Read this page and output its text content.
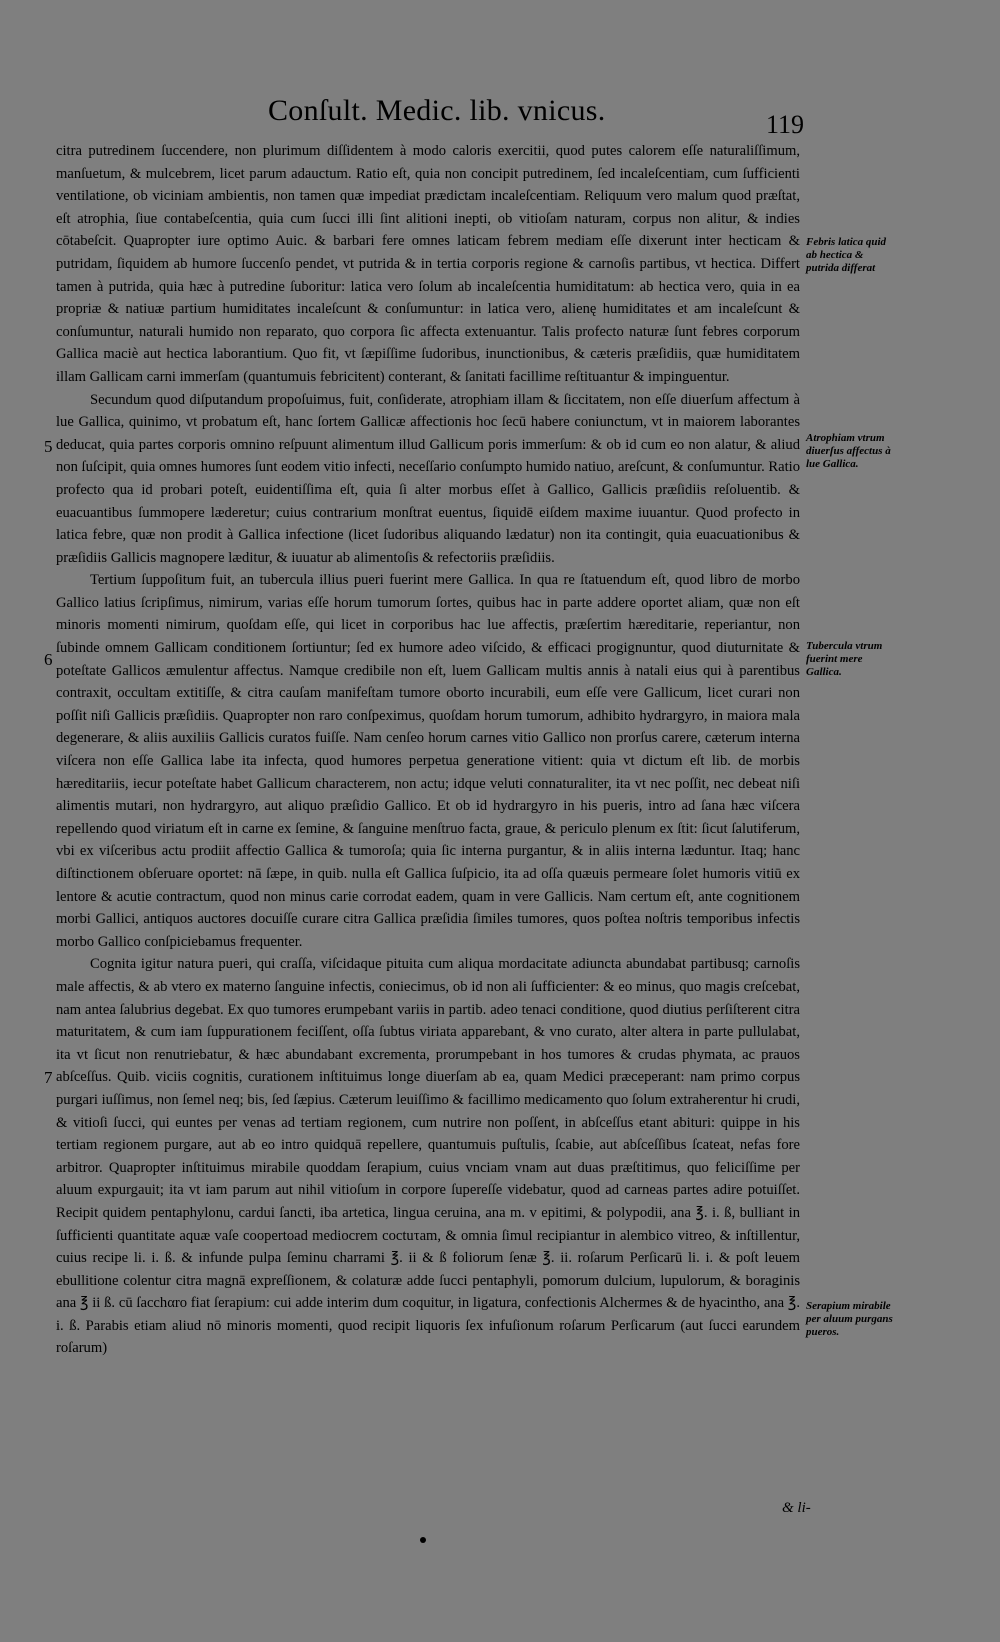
Conſult. Medic. lib. vnicus.	119

citra putredinem ſuccendere, non plurimum diſſidentem à modo caloris exercitii, quod putes calorem eſſe naturaliſſimum, manſuetum, & mulcebrem, licet parum adauctum. Ratio eſt, quia non concipit putredinem, ſed incaleſcentiam, cum ſufficienti ventilatione, ob viciniam ambientis, non tamen quæ impediat prædictam incaleſcentiam. Reliquum vero malum quod præſtat, eſt atrophia, ſiue contabeſcentia, quia cum ſucci illi ſint alitioni inepti, ob vitioſam naturam, corpus non alitur, & indies cōtabeſcit. Quapropter iure optimo Auic. & barbari fere omnes laticam febrem mediam eſſe dixerunt inter hecticam & putridam, ſiquidem ab humore ſuccenſo pendet, vt putrida & in tertia corporis regione & carnoſis partibus, vt hectica. Differt tamen à putrida, quia hæc à putredine ſuboritur: latica vero ſolum ab incaleſcentia humiditatum: ab hectica vero, quia in ea propriæ & natiuæ partium humiditates incaleſcunt & conſumuntur: in latica vero, alienę humiditates et am incaleſcunt & conſumuntur, naturali humido non reparato, quo corpora ſic affecta extenuantur. Talis profecto naturæ ſunt febres corporum Gallica maciè aut hectica laborantium. Quo fit, vt ſæpiſſime ſudoribus, inunctionibus, & cæteris præſidiis, quæ humiditatem illam Gallicam carni immerſam (quantumuis febricitent) conterant, & ſanitati facillime reſtituantur & impinguentur.

Secundum quod diſputandum propoſuimus, fuit, conſiderate, atrophiam illam & ſiccitatem, non eſſe diuerſum affectum à lue Gallica, quinimo, vt probatum eſt, hanc ſortem Gallicæ affectionis hoc ſecū habere coniunctum, vt in maiorem laborantes deducat, quia partes corporis omnino reſpuunt alimentum illud Gallicum poris immerſum: & ob id cum eo non alatur, & aliud non ſuſcipit, quia omnes humores ſunt eodem vitio infecti, neceſſario conſumpto humido natiuo, areſcunt, & conſumuntur. Ratio profecto qua id probari poteſt, euidentiſſima eſt, quia ſi alter morbus eſſet à Gallico, Gallicis præſidiis reſoluentib. & euacuantibus ſummopere læderetur; cuius contrarium monſtrat euentus, ſiquidē eiſdem maxime iuuantur. Quod profecto in latica febre, quæ non prodit à Gallica infectione (licet ſudoribus aliquando lædatur) non ita contingit, quia euacuationibus & præſidiis Gallicis magnopere læditur, & iuuatur ab alimentoſis & refectoriis præſidiis.

Tertium ſuppoſitum fuit, an tubercula illius pueri fuerint mere Gallica. In qua re ſtatuendum eſt, quod libro de morbo Gallico latius ſcripſimus, nimirum, varias eſſe horum tumorum ſortes, quibus hac in parte addere oportet aliam, quæ non eſt minoris momenti nimirum, quoſdam eſſe, qui licet in corporibus hac lue affectis, præſertim hæreditarie, reperiantur, non ſubinde omnem Gallicam conditionem ſortiuntur; ſed ex humore adeo viſcido, & efficaci progignuntur, quod diuturnitate & poteſtate Gallicos æmulentur affectus. Namque credibile non eſt, luem Gallicam multis annis à natali eius qui à parentibus contraxit, occultam extitiſſe, & citra cauſam manifeſtam tumore oborto incurabili, eum eſſe vere Gallicum, licet curari non poſſit niſi Gallicis præſidiis. Quapropter non raro conſpeximus, quoſdam horum tumorum, adhibito hydrargyro, in maiora mala degenerare, & aliis auxiliis Gallicis curatos fuiſſe. Nam cenſeo horum carnes vitio Gallico non prorſus carere, cæterum interna viſcera non eſſe Gallica labe ita infecta, quod humores perpetua generatione vitient: quia vt dictum eſt lib. de morbis hæreditariis, iecur poteſtate habet Gallicum characterem, non actu; idque veluti connaturaliter, ita vt nec poſſit, nec debeat niſi alimentis mutari, non hydrargyro, aut aliquo præſidio Gallico. Et ob id hydrargyro in his pueris, intro ad ſana hæc viſcera repellendo quod viriatum eſt in carne ex ſemine, & ſanguine menſtruo facta, graue, & periculo plenum ex ſtit: ſicut ſalutiferum, vbi ex viſceribus actu prodiit affectio Gallica & tumoroſa; quia ſic interna purgantur, & in aliis interna læduntur. Itaq; hanc diſtinctionem obſeruare oportet: nā ſæpe, in quib. nulla eſt Gallica ſuſpicio, ita ad oſſa quæuis permeare ſolet humoris vitiū ex lentore & acutie contractum, quod non minus carie corrodat eadem, quam in vere Gallicis. Nam certum eſt, ante cognitionem morbi Gallici, antiquos auctores docuiſſe curare citra Gallica præſidia ſimiles tumores, quos poſtea noſtris temporibus infectis morbo Gallico conſpiciebamus frequenter.

Cognita igitur natura pueri, qui craſſa, viſcidaque pituita cum aliqua mordacitate adiuncta abundabat partibusq; carnoſis male affectis, & ab vtero ex materno ſanguine infectis, coniecimus, ob id non ali ſufficienter: & eo minus, quo magis creſcebat, nam antea ſalubrius degebat. Ex quo tumores erumpebant variis in partib. adeo tenaci conditione, quod diutius perſiſterent citra maturitatem, & cum iam ſuppurationem feciſſent, oſſa ſubtus viriata apparebant, & vno curato, alter altera in parte pullulabat, ita vt ſicut non renutriebatur, & hæc abundabant excrementa, prorumpebant in hos tumores & crudas phymata, ac prauos abſceſſus. Quib. viciis cognitis, curationem inſtituimus longe diuerſam ab ea, quam Medici præceperant: nam primo corpus purgari iuſſimus, non ſemel neq; bis, ſed ſæpius. Cæterum leuiſſimo & facillimo medicamento quo ſolum extraherentur hi crudi, & vitioſi ſucci, qui euntes per venas ad tertiam regionem, cum nutrire non poſſent, in abſceſſus etant abituri: quippe in his tertiam regionem purgare, aut ab eo intro quidquā repellere, quantumuis puſtulis, ſcabie, aut abſceſſibus ſcateat, nefas fore arbitror. Quapropter inſtituimus mirabile quoddam ſerapium, cuius vnciam vnam aut duas præſtitimus, quo feliciſſime per aluum expurgauit; ita vt iam parum aut nihil vitioſum in corpore ſupereſſe videbatur, quod ad carneas partes adire potuiſſet. Recipit quidem pentaphylonu, cardui ſancti, iba artetica, lingua ceruina, ana m. v epitimi, & polypodii, ana ℥. i. ß, bulliant in ſufficienti quantitate aquæ vaſe coopertoad mediocrem coctuτam, & omnia ſimul recipiantur in alembico vitreo, & inſtillentur, cuius recipe li. i. ß. & infunde pulpa ſeminu charrami ℥. ii & ß foliorum ſenæ ℥. ii. roſarum Perſicarū li. i. & poſt leuem ebullitione colentur citra magnā expreſſionem, & colaturæ adde ſucci pentaphyli, pomorum dulcium, lupulorum, & boraginis ana ℥ ii ß. cū ſacchαro fiat ſerapium: cui adde interim dum coquitur, in ligatura, confectionis Alchermes & de hyacintho, ana ℥. i. ß. Parabis etiam aliud nō minoris momenti, quod recipit liquoris ſex infuſionum roſarum Perſicarum (aut ſucci earundem roſarum)

5
6
7
Febris latica quid ab hectica & putrida differat
Atrophiam vtrum diuerſus affectus à lue Gallica.
Tubercula vtrum fuerint mere Gallica.
Serapium mirabile per aluum purgans pueros.
& li-
